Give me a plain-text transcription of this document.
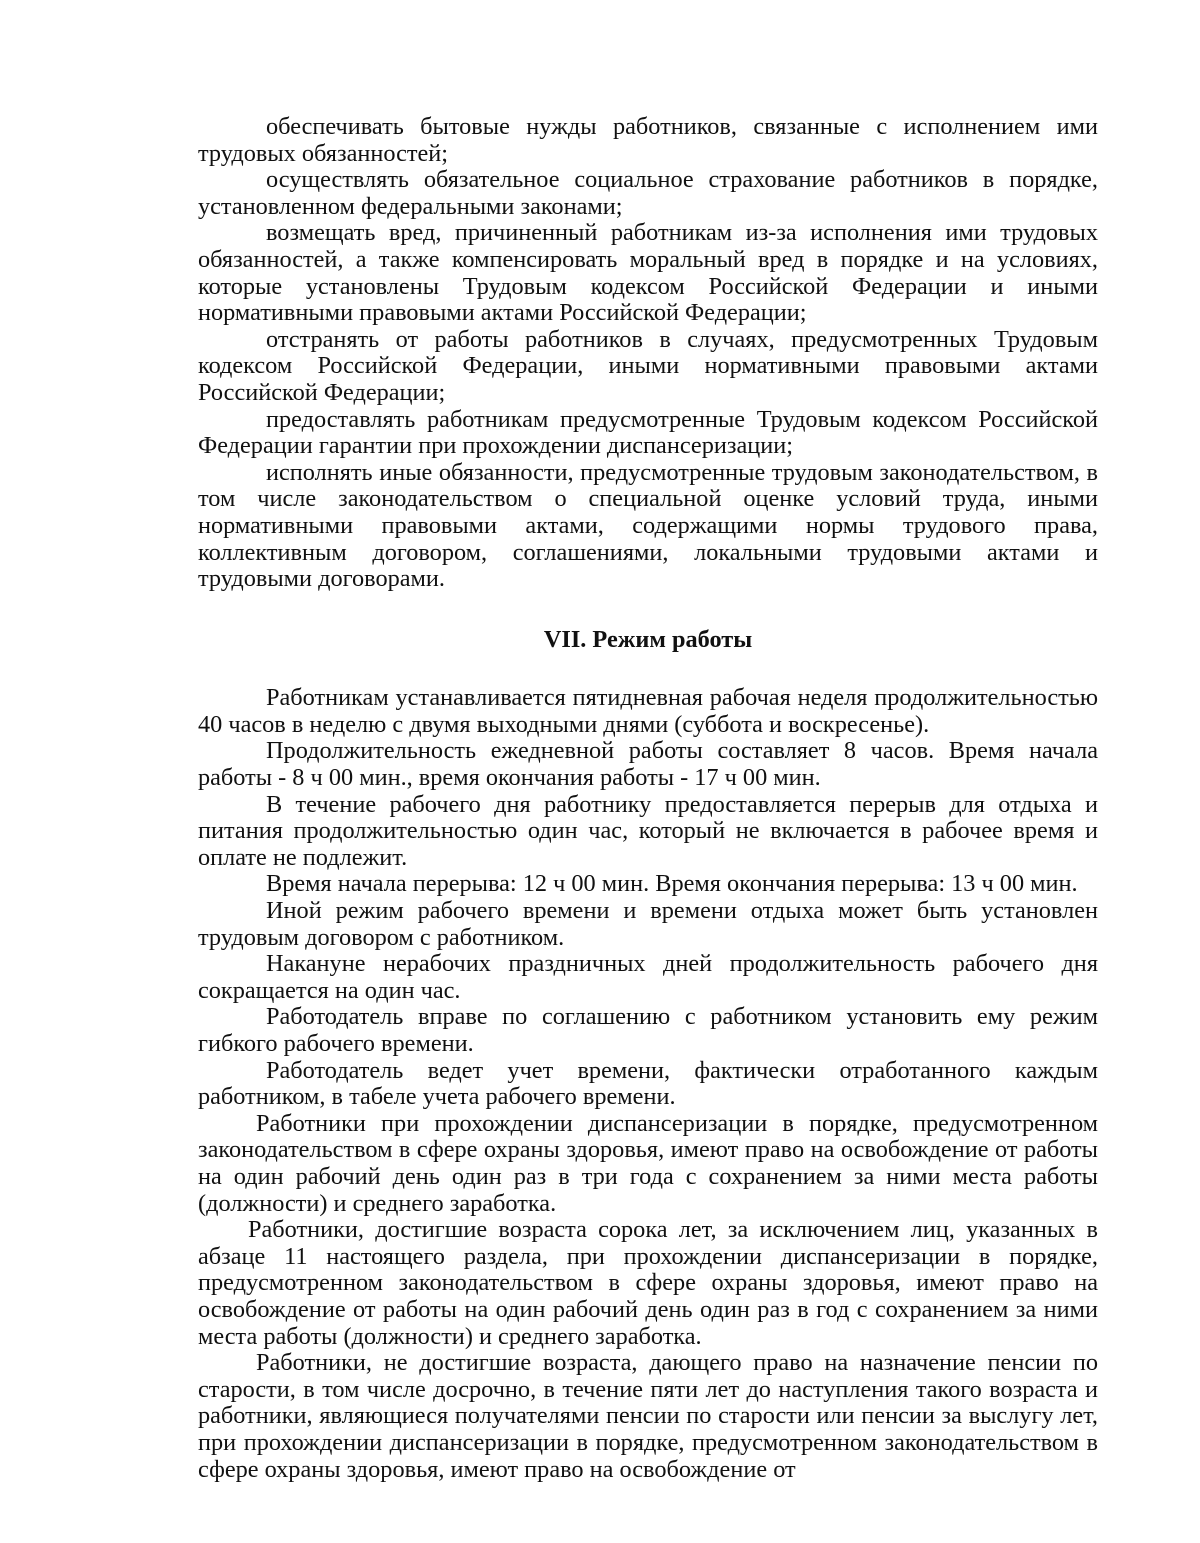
обеспечивать бытовые нужды работников, связанные с исполнением ими трудовых обязанностей;

осуществлять обязательное социальное страхование работников в порядке, установленном федеральными законами;

возмещать вред, причиненный работникам из-за исполнения ими трудовых обязанностей, а также компенсировать моральный вред в порядке и на условиях, которые установлены Трудовым кодексом Российской Федерации и иными нормативными правовыми актами Российской Федерации;

отстранять от работы работников в случаях, предусмотренных Трудовым кодексом Российской Федерации, иными нормативными правовыми актами Российской Федерации;

предоставлять работникам предусмотренные Трудовым кодексом Российской Федерации гарантии при прохождении диспансеризации;

исполнять иные обязанности, предусмотренные трудовым законодательством, в том числе законодательством о специальной оценке условий труда, иными нормативными правовыми актами, содержащими нормы трудового права, коллективным договором, соглашениями, локальными трудовыми актами и трудовыми договорами.

VII. Режим работы

Работникам устанавливается пятидневная рабочая неделя продолжительностью 40 часов в неделю с двумя выходными днями (суббота и воскресенье).

Продолжительность ежедневной работы составляет 8 часов. Время начала работы - 8 ч 00 мин., время окончания работы - 17 ч 00 мин.

В течение рабочего дня работнику предоставляется перерыв для отдыха и питания продолжительностью один час, который не включается в рабочее время и оплате не подлежит.

Время начала перерыва: 12 ч 00 мин. Время окончания перерыва: 13 ч 00 мин.

Иной режим рабочего времени и времени отдыха может быть установлен трудовым договором с работником.

Накануне нерабочих праздничных дней продолжительность рабочего дня сокращается на один час.

Работодатель вправе по соглашению с работником установить ему режим гибкого рабочего времени.

Работодатель ведет учет времени, фактически отработанного каждым работником, в табеле учета рабочего времени.

Работники при прохождении диспансеризации в порядке, предусмотренном законодательством в сфере охраны здоровья, имеют право на освобождение от работы на один рабочий день один раз в три года с сохранением за ними места работы (должности) и среднего заработка.

Работники, достигшие возраста сорока лет, за исключением лиц, указанных в абзаце 11 настоящего раздела, при прохождении диспансеризации в порядке, предусмотренном законодательством в сфере охраны здоровья, имеют право на освобождение от работы на один рабочий день один раз в год с сохранением за ними места работы (должности) и среднего заработка.

Работники, не достигшие возраста, дающего право на назначение пенсии по старости, в том числе досрочно, в течение пяти лет до наступления такого возраста и работники, являющиеся получателями пенсии по старости или пенсии за выслугу лет, при прохождении диспансеризации в порядке, предусмотренном законодательством в сфере охраны здоровья, имеют право на освобождение от
